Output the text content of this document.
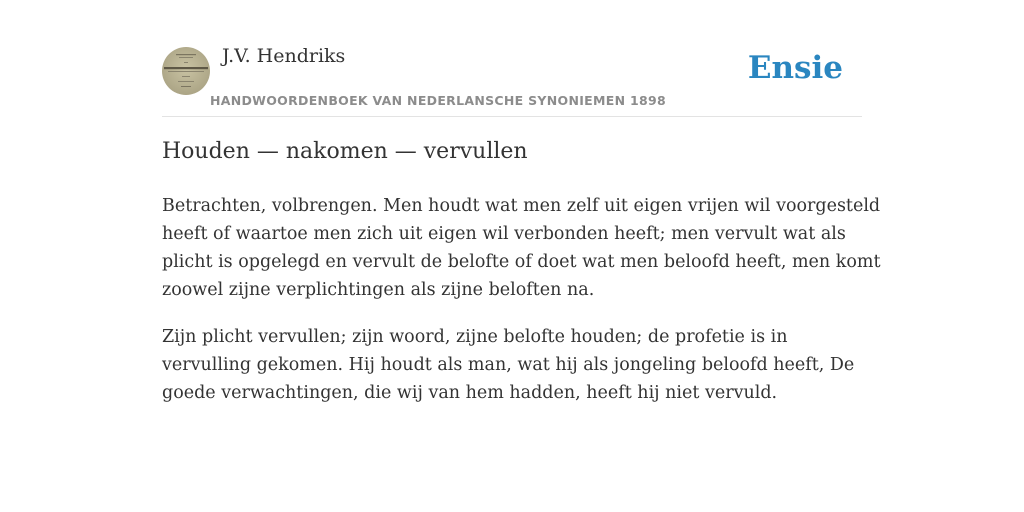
J.V. Hendriks
HANDWOORDENBOEK VAN NEDERLANSCHE SYNONIEMEN 1898
Ensie
Houden — nakomen — vervullen

Betrachten, volbrengen. Men houdt wat men zelf uit eigen vrijen wil voorgesteld
heeft of waartoe men zich uit eigen wil verbonden heeft; men vervult wat als
plicht is opgelegd en vervult de belofte of doet wat men beloofd heeft, men komt
zoowel zijne verplichtingen als zijne beloften na.

Zijn plicht vervullen; zijn woord, zijne belofte houden; de profetie is in
vervulling gekomen. Hij houdt als man, wat hij als jongeling beloofd heeft, De
goede verwachtingen, die wij van hem hadden, heeft hij niet vervuld.
